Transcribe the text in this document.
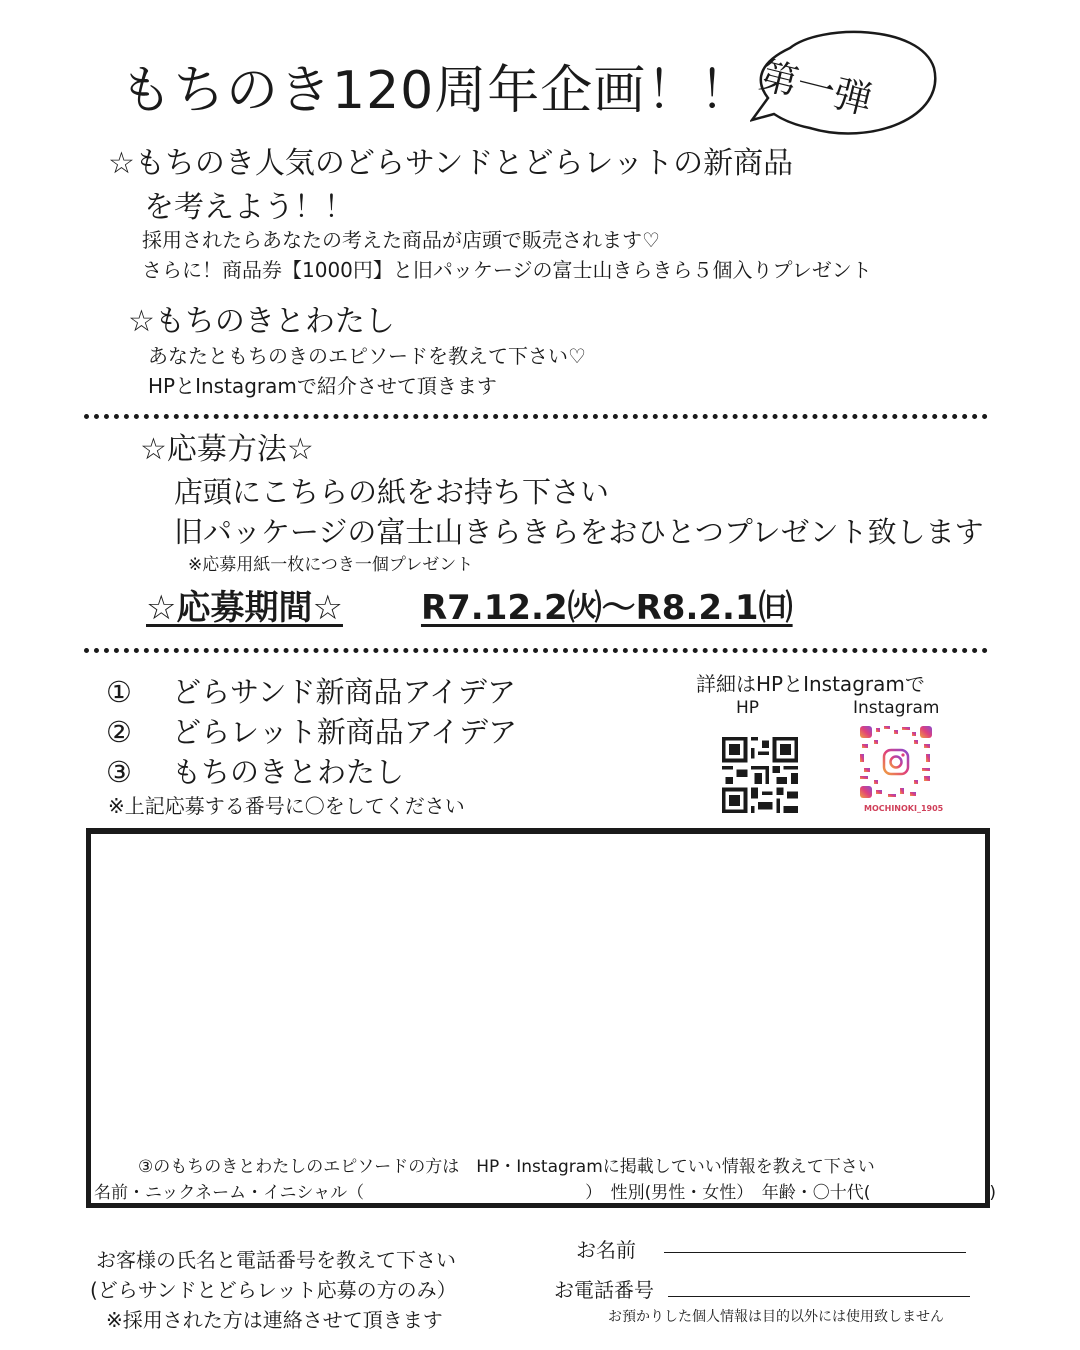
もちのき120周年企画！！ 第一弾
☆もちのき人気のどらサンドとどらレットの新商品
を考えよう！！
採用されたらあなたの考えた商品が店頭で販売されます♡
さらに！商品券【1000円】と旧パッケージの富士山きらきら５個入りプレゼント
☆もちのきとわたし
あなたともちのきのエピソードを教えて下さい♡
HPとInstagramで紹介させて頂きます
☆応募方法☆
店頭にこちらの紙をお持ち下さい
旧パッケージの富士山きらきらをおひとつプレゼント致します
※応募用紙一枚につき一個プレゼント
☆応募期間☆ R7.12.2㈫〜R8.2.1㈰
① どらサンド新商品アイデア
② どらレット新商品アイデア
③ もちのきとわたし
※上記応募する番号に〇をしてください
詳細はHPとInstagramで
HP	Instagram
MOCHINOKI_1905
③のもちのきとわたしのエピソードの方は　HP・Instagramに掲載していい情報を教えて下さい
名前・ニックネーム・イニシャル（　　　　　　　　　　　　　）　性別(男性・女性）　年齢・〇十代(　　　　　　　)
お客様の氏名と電話番号を教えて下さい
(どらサンドとどらレット応募の方のみ）
※採用された方は連絡させて頂きます
お名前
お電話番号
お預かりした個人情報は目的以外には使用致しません
